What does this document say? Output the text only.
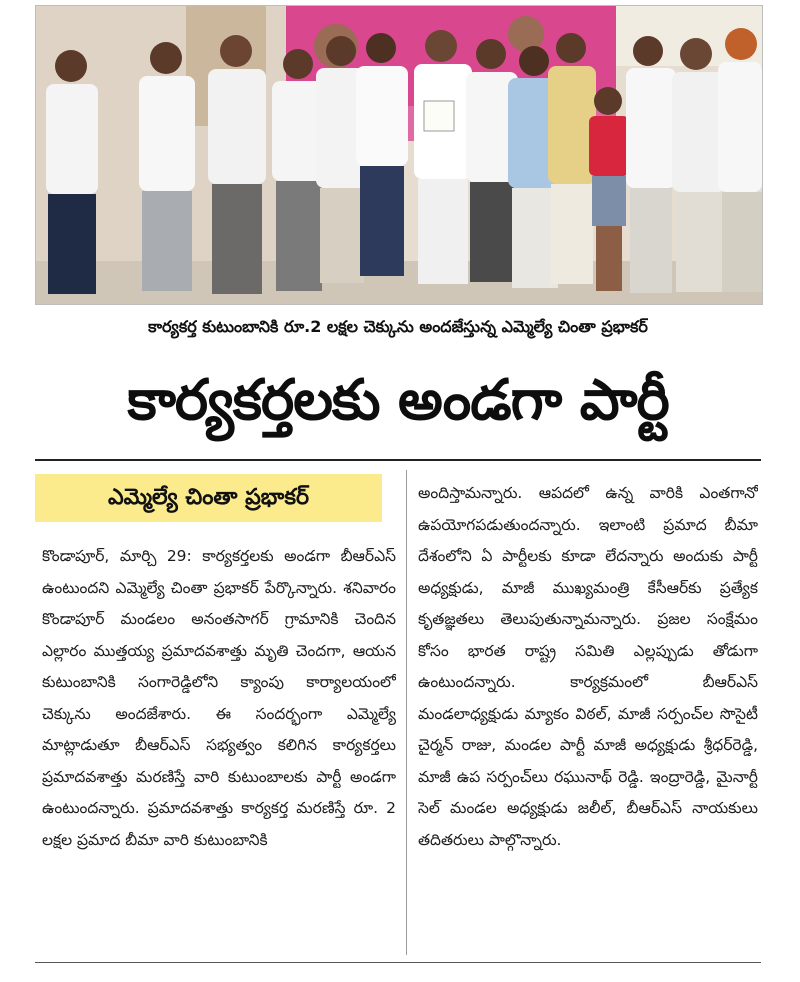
కార్యకర్త కుటుంబానికి రూ.2 లక్షల చెక్కును అందజేస్తున్న ఎమ్మెల్యే చింతా ప్రభాకర్
కార్యకర్తలకు అండగా పార్టీ
ఎమ్మెల్యే చింతా ప్రభాకర్
కొండాపూర్, మార్చి 29: కార్యకర్తలకు అండగా బీఆర్ఎస్ ఉంటుందని ఎమ్మెల్యే చింతా ప్రభాకర్ పేర్కొన్నారు. శనివారం కొండాపూర్ మండలం అనంతసాగర్ గ్రామానికి చెందిన ఎల్లారం ముత్తయ్య ప్రమాదవశాత్తు మృతి చెందగా, ఆయన కుటుంబానికి సంగారెడ్డిలోని క్యాంపు కార్యాలయంలో చెక్కును అందజేశారు. ఈ సందర్భంగా ఎమ్మెల్యే మాట్లాడుతూ బీఆర్ఎస్ సభ్యత్వం కలిగిన కార్యకర్తలు ప్రమాదవశాత్తు మరణిస్తే వారి కుటుంబాలకు పార్టీ అండగా ఉంటుందన్నారు. ప్రమాదవశాత్తు కార్యకర్త మరణిస్తే రూ. 2 లక్షల ప్రమాద బీమా వారి కుటుంబానికి
అందిస్తామన్నారు. ఆపదలో ఉన్న వారికి ఎంతగానో ఉపయోగపడుతుందన్నారు. ఇలాంటి ప్రమాద బీమా దేశంలోని ఏ పార్టీలకు కూడా లేదన్నారు అందుకు పార్టీ అధ్యక్షుడు, మాజీ ముఖ్యమంత్రి కేసీఆర్‌కు ప్రత్యేక కృతజ్ఞతలు తెలుపుతున్నామన్నారు. ప్రజల సంక్షేమం కోసం భారత రాష్ట్ర సమితి ఎల్లప్పుడు తోడుగా ఉంటుందన్నారు. కార్యక్రమంలో బీఆర్ఎస్ మండలాధ్యక్షుడు మ్యాకం విఠల్, మాజీ సర్పంచ్‌ల సొసైటీ చైర్మన్ రాజు, మండల పార్టీ మాజీ అధ్యక్షుడు శ్రీధర్‌రెడ్డి, మాజీ ఉప సర్పంచ్‌లు రఘునాథ్ రెడ్డి. ఇంద్రారెడ్డి, మైనార్టీ సెల్ మండల అధ్యక్షుడు జలీల్, బీఆర్ఎస్ నాయకులు తదితరులు పాల్గొన్నారు.
